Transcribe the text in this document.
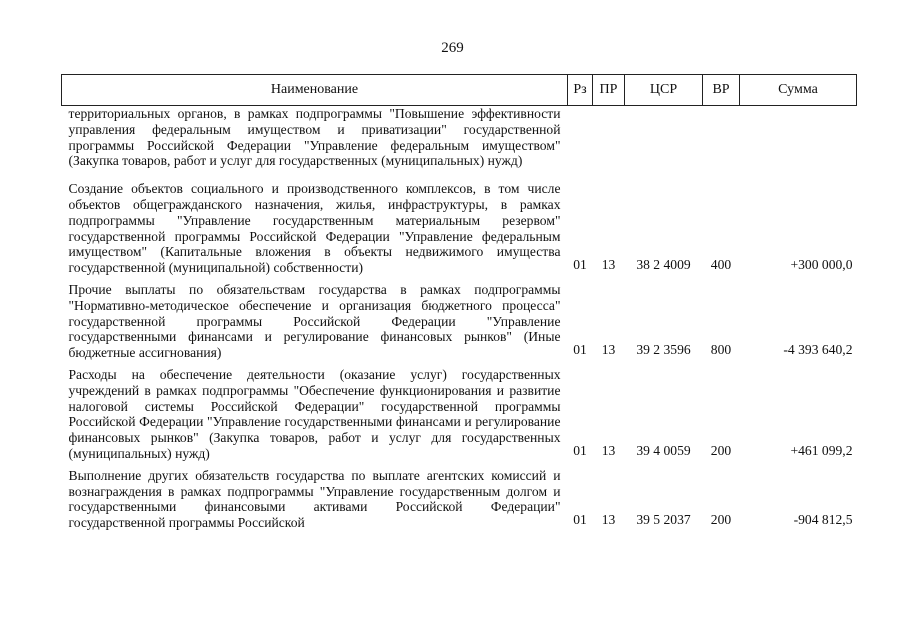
269
Наименование	Рз	ПР	ЦСР	ВР	Сумма
территориальных органов, в рамках подпрограммы "Повышение эффективности управления федеральным имуществом и приватизации" государственной программы Российской Федерации "Управление федеральным имуществом" (Закупка товаров, работ и услуг для государственных (муниципальных) нужд)					

Создание объектов социального и производственного комплексов, в том числе объектов общегражданского назначения, жилья, инфраструктуры, в рамках подпрограммы "Управление государственным материальным резервом" государственной программы Российской Федерации "Управление федеральным имуществом" (Капитальные вложения в объекты недвижимого имущества государственной (муниципальной) собственности)	01	13	38 2 4009	400	+300 000,0
Прочие выплаты по обязательствам государства в рамках подпрограммы "Нормативно-методическое обеспечение и организация бюджетного процесса" государственной программы Российской Федерации "Управление государственными финансами и регулирование финансовых рынков" (Иные бюджетные ассигнования)	01	13	39 2 3596	800	-4 393 640,2
Расходы на обеспечение деятельности (оказание услуг) государственных учреждений в рамках подпрограммы "Обеспечение функционирования и развитие налоговой системы Российской Федерации" государственной программы Российской Федерации "Управление государственными финансами и регулирование финансовых рынков" (Закупка товаров, работ и услуг для государственных (муниципальных) нужд)	01	13	39 4 0059	200	+461 099,2
Выполнение других обязательств государства по выплате агентских комиссий и вознаграждения в рамках подпрограммы "Управление государственным долгом и государственными финансовыми активами Российской Федерации" государственной программы Российской	01	13	39 5 2037	200	-904 812,5
